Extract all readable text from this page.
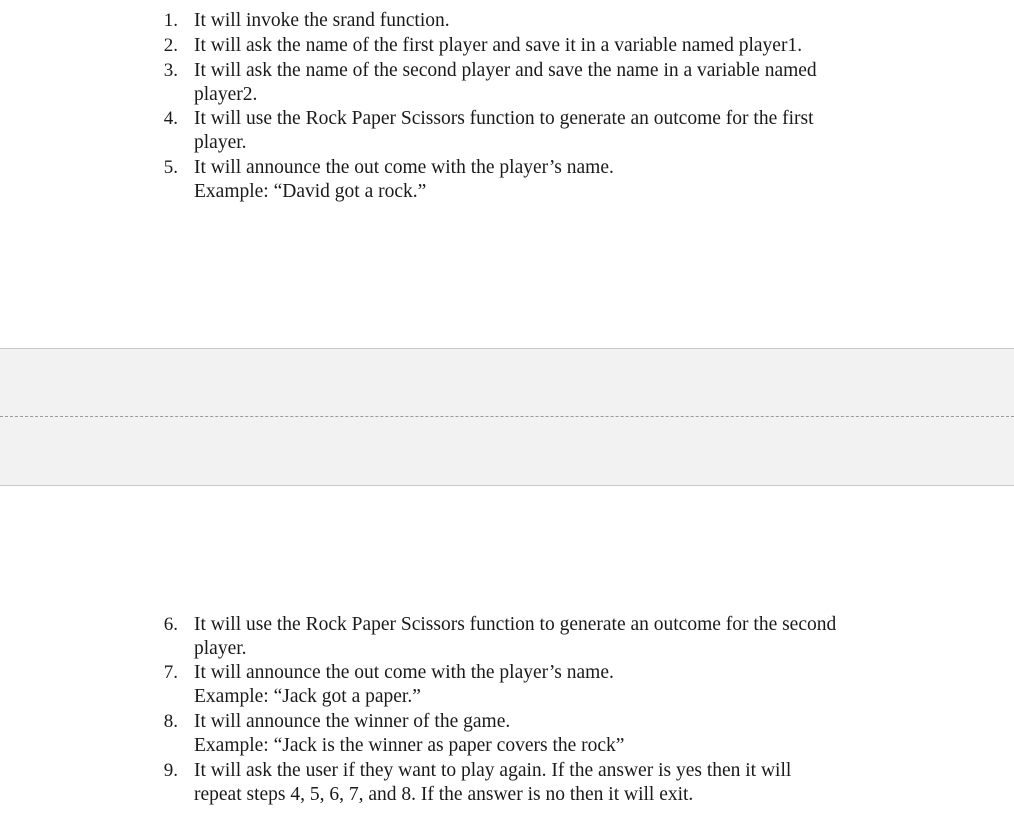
1. It will invoke the srand function.
2. It will ask the name of the first player and save it in a variable named player1.
3. It will ask the name of the second player and save the name in a variable named
player2.
4. It will use the Rock Paper Scissors function to generate an outcome for the first
player.
5. It will announce the out come with the player’s name.
Example: “David got a rock.”
6. It will use the Rock Paper Scissors function to generate an outcome for the second
player.
7. It will announce the out come with the player’s name.
Example: “Jack got a paper.”
8. It will announce the winner of the game.
Example: “Jack is the winner as paper covers the rock”
9. It will ask the user if they want to play again. If the answer is yes then it will
repeat steps 4, 5, 6, 7, and 8. If the answer is no then it will exit.
